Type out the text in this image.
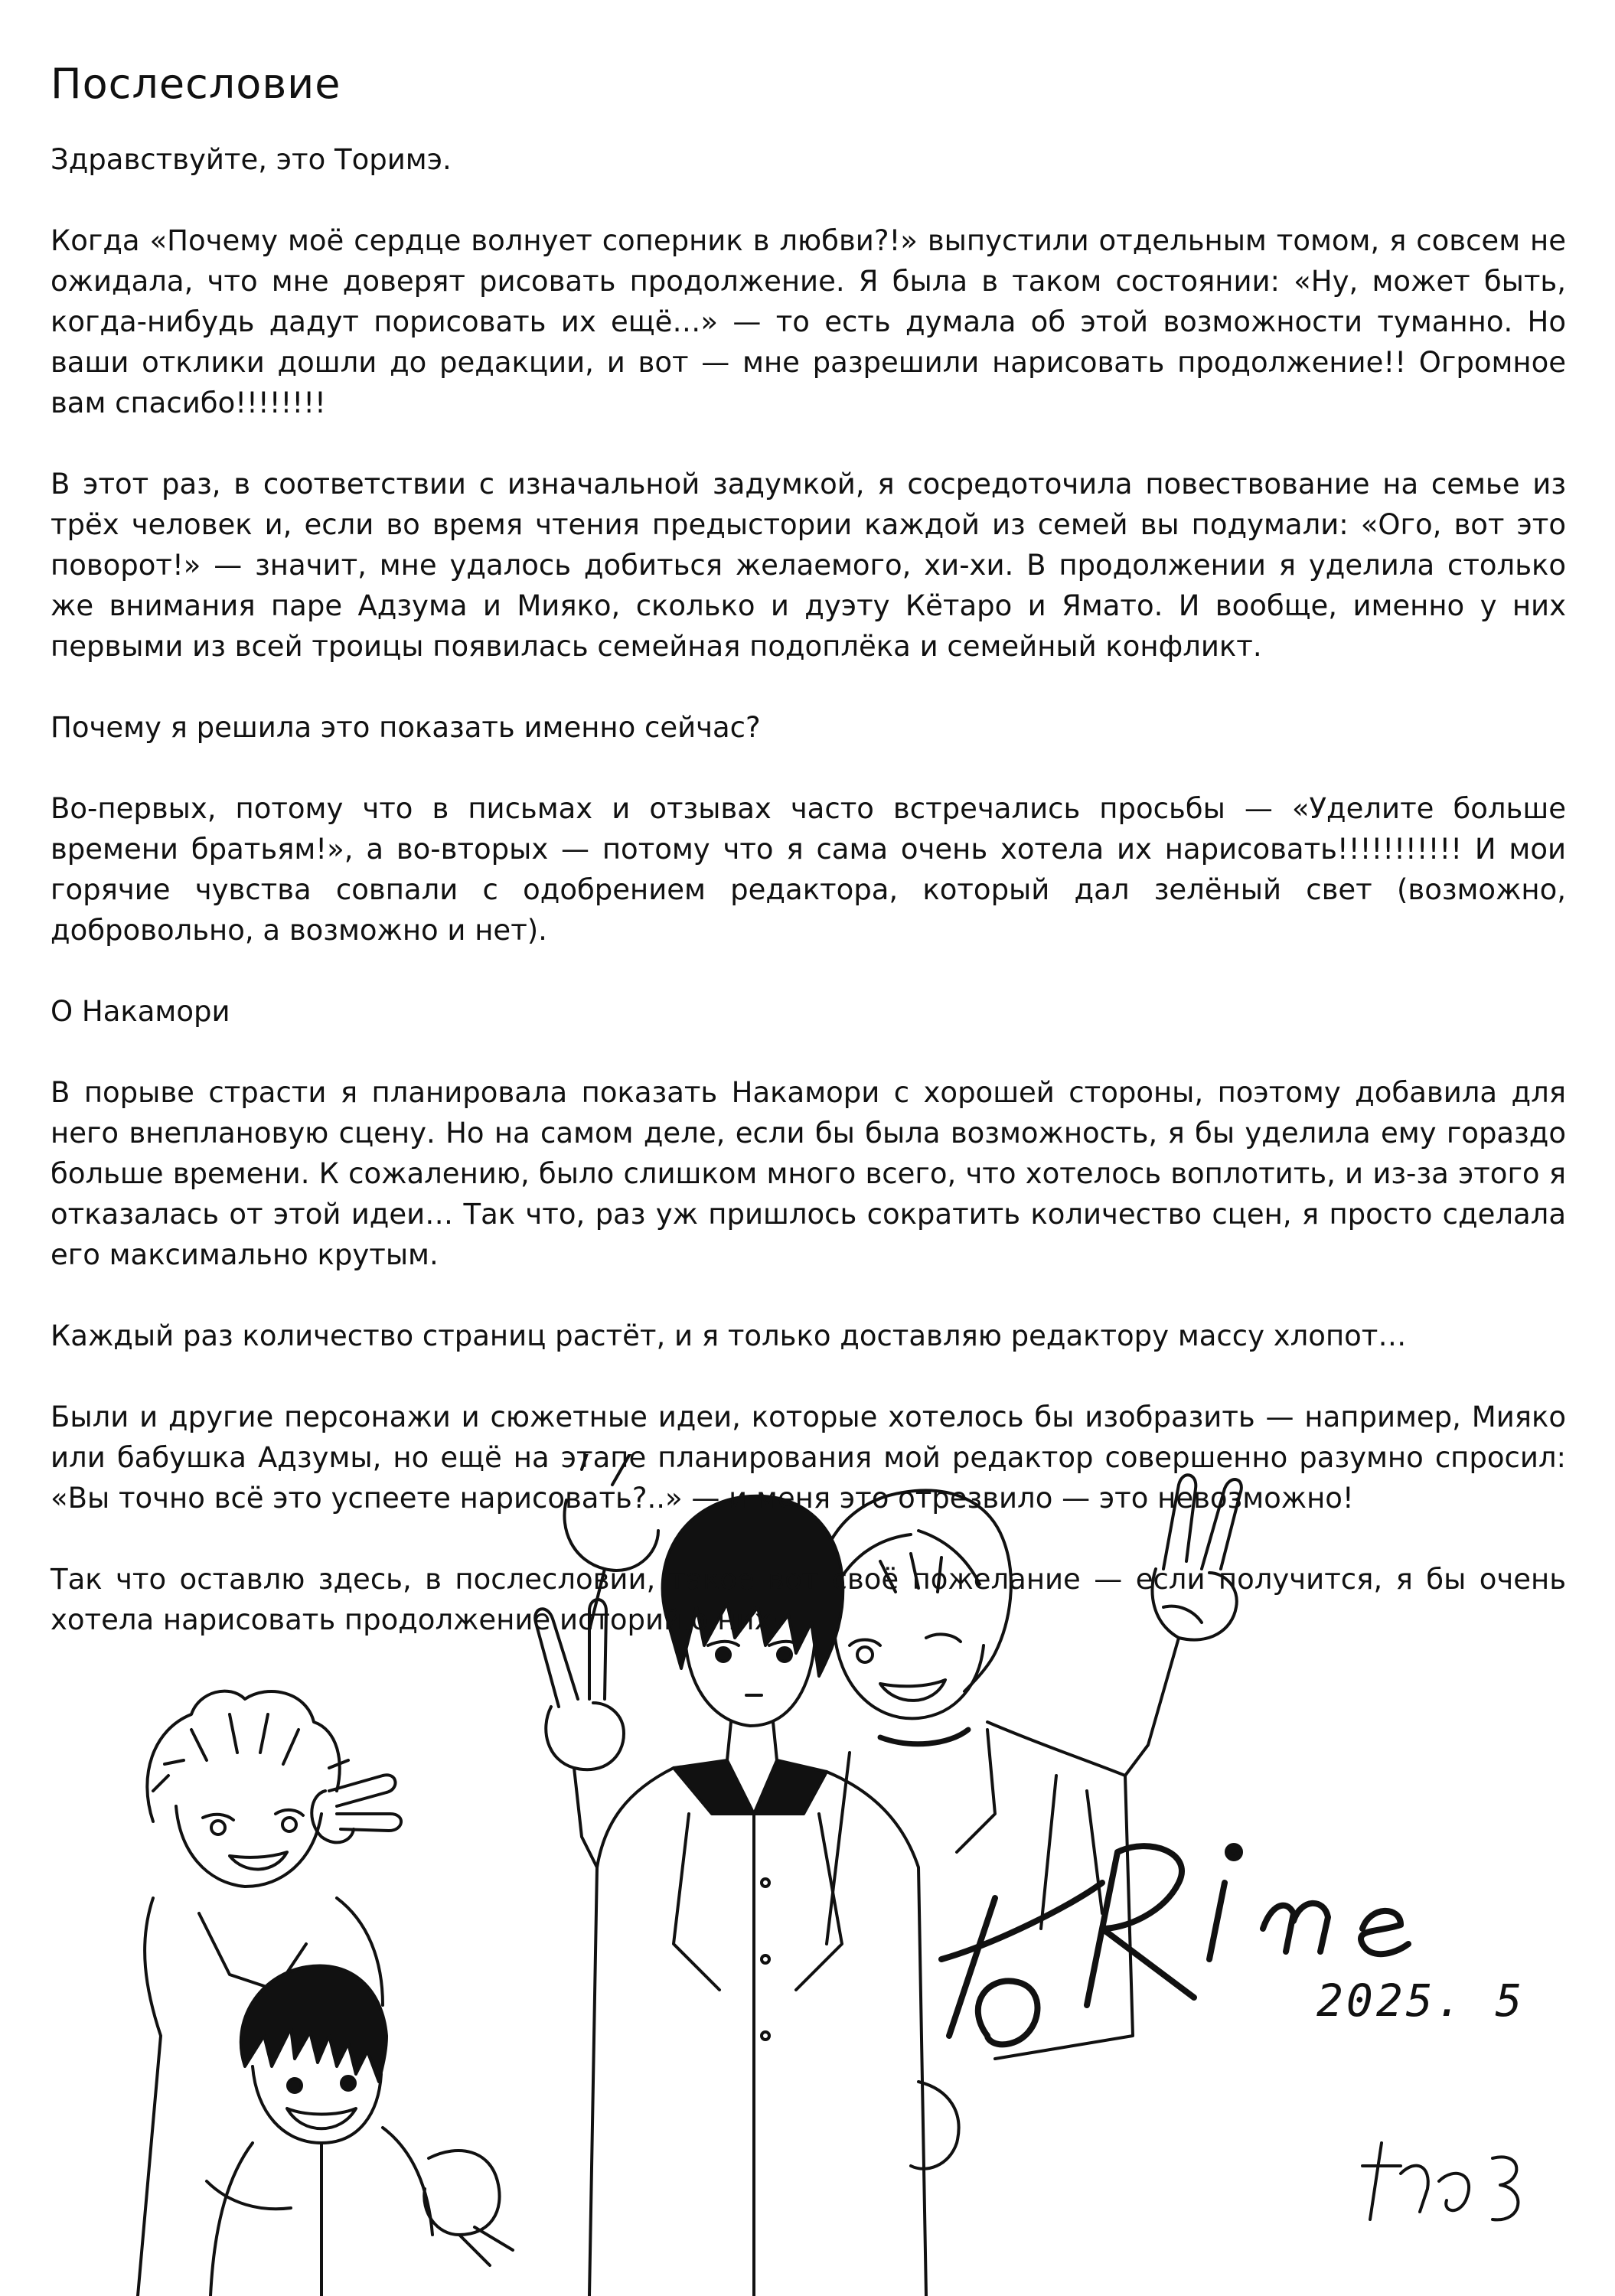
Послесловие

Здравствуйте, это Торимэ.

Когда «Почему моё сердце волнует соперник в любви?!» выпустили отдельным томом, я совсем не ожидала, что мне доверят рисовать продолжение. Я была в таком состоянии: «Ну, может быть, когда-нибудь дадут порисовать их ещё…» — то есть думала об этой возможности туманно. Но ваши отклики дошли до редакции, и вот — мне разрешили нарисовать продолжение!! Огромное вам спасибо!!!!!!!!

В этот раз, в соответствии с изначальной задумкой, я сосредоточила повествование на семье из трёх человек и, если во время чтения предыстории каждой из семей вы подумали: «Ого, вот это поворот!» — значит, мне удалось добиться желаемого, хи-хи. В продолжении я уделила столько же внимания паре Адзума и Мияко, сколько и дуэту Кётаро и Ямато. И вообще, именно у них первыми из всей троицы появилась семейная подоплёка и семейный конфликт.

Почему я решила это показать именно сейчас?

Во-первых, потому что в письмах и отзывах часто встречались просьбы — «Уделите больше времени братьям!», а во-вторых — потому что я сама очень хотела их нарисовать!!!!!!!!!!! И мои горячие чувства совпали с одобрением редактора, который дал зелёный свет (возможно, добровольно, а возможно и нет).

О Накамори

В порыве страсти я планировала показать Накамори с хорошей стороны, поэтому добавила для него внеплановую сцену. Но на самом деле, если бы была возможность, я бы уделила ему гораздо больше времени. К сожалению, было слишком много всего, что хотелось воплотить, и из-за этого я отказалась от этой идеи… Так что, раз уж пришлось сократить количество сцен, я просто сделала его максимально крутым.

Каждый раз количество страниц растёт, и я только доставляю редактору массу хлопот…

Были и другие персонажи и сюжетные идеи, которые хотелось бы изобразить — например, Мияко или бабушка Адзумы, но ещё на этапе планирования мой редактор совершенно разумно спросил: «Вы точно всё это успеете нарисовать?..» — и меня это отрезвило — это невозможно!

Так что оставлю здесь, в послесловии, такое вот своё пожелание — если получится, я бы очень хотела нарисовать продолжение историй о них!

2025. 5
